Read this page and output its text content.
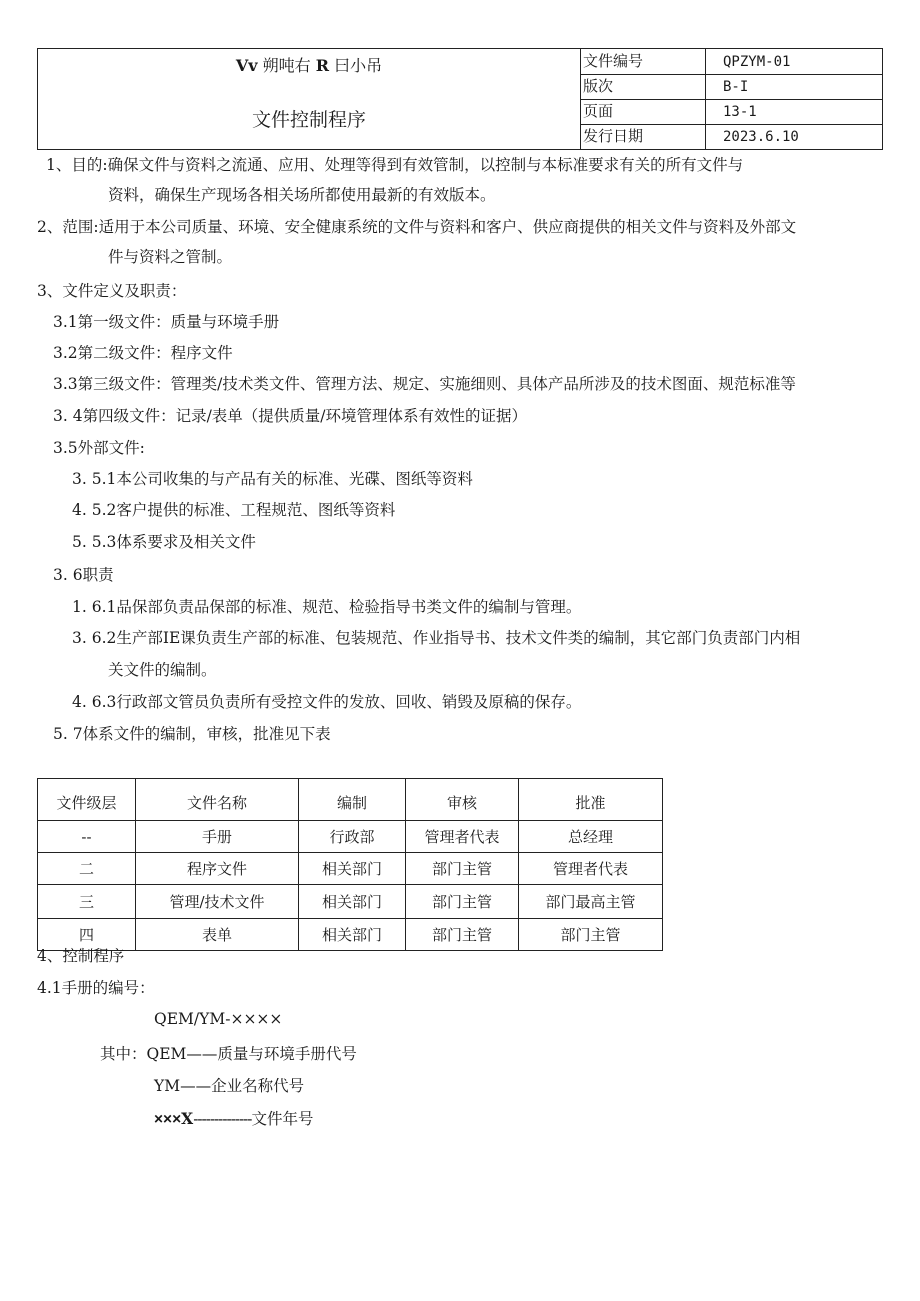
Vv 朔吨右 R 曰小吊
文件控制程序
文件编号	QPZYM-01
版次	B-I
页面	13-1
发行日期	2023.6.10
1、目的:确保文件与资料之流通、应用、处理等得到有效管制，以控制与本标准要求有关的所有文件与
资料，确保生产现场各相关场所都使用最新的有效版本。
2、范围:适用于本公司质量、环境、安全健康系统的文件与资料和客户、供应商提供的相关文件与资料及外部文
件与资料之管制。
3、文件定义及职责：
3.1第一级文件：质量与环境手册
3.2第二级文件：程序文件
3.3第三级文件：管理类/技术类文件、管理方法、规定、实施细则、具体产品所涉及的技术图面、规范标准等
3. 4第四级文件：记录/表单（提供质量/环境管理体系有效性的证据）
3.5外部文件:
3. 5.1本公司收集的与产品有关的标准、光碟、图纸等资料
4. 5.2客户提供的标准、工程规范、图纸等资料
5. 5.3体系要求及相关文件
3. 6职责
1. 6.1品保部负责品保部的标准、规范、检验指导书类文件的编制与管理。
3. 6.2生产部IE课负责生产部的标准、包装规范、作业指导书、技术文件类的编制，其它部门负责部门内相
关文件的编制。
4. 6.3行政部文管员负责所有受控文件的发放、回收、销毁及原稿的保存。
5. 7体系文件的编制，审核，批准见下表
文件级层	文件名称	编制	审核	批准
--	手册	行政部	管理者代表	总经理
二	程序文件	相关部门	部门主管	管理者代表
三	管理/技术文件	相关部门	部门主管	部门最高主管
四	表单	相关部门	部门主管	部门主管
4、控制程序
4.1手册的编号：
QEM/YM-××××
其中：QEM——质量与环境手册代号
YM——企业名称代号
×××X--------------文件年号
